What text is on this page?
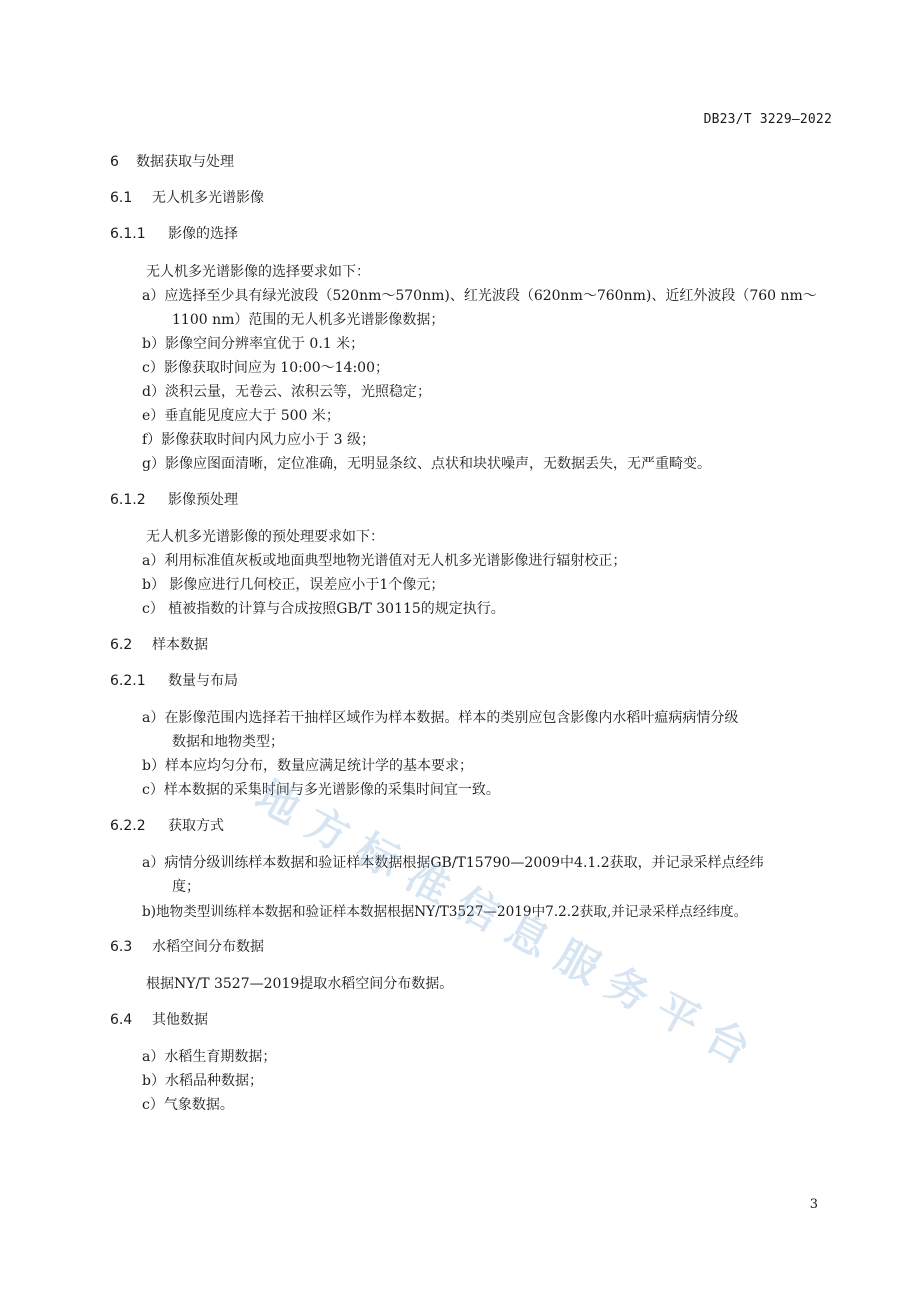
DB23/T 3229—2022
6 数据获取与处理
6.1 无人机多光谱影像
6.1.1 影像的选择
无人机多光谱影像的选择要求如下：
a）应选择至少具有绿光波段（520nm～570nm)、红光波段（620nm～760nm)、近红外波段（760 nm～
1100 nm）范围的无人机多光谱影像数据；
b）影像空间分辨率宜优于 0.1 米；
c）影像获取时间应为 10:00～14:00；
d）淡积云量，无卷云、浓积云等，光照稳定；
e）垂直能见度应大于 500 米；
f）影像获取时间内风力应小于 3 级；
g）影像应图面清晰，定位准确，无明显条纹、点状和块状噪声，无数据丢失，无严重畸变。
6.1.2 影像预处理
无人机多光谱影像的预处理要求如下：
a）利用标准值灰板或地面典型地物光谱值对无人机多光谱影像进行辐射校正；
b） 影像应进行几何校正，误差应小于1个像元；
c） 植被指数的计算与合成按照GB/T 30115的规定执行。
6.2 样本数据
6.2.1 数量与布局
a）在影像范围内选择若干抽样区域作为样本数据。样本的类别应包含影像内水稻叶瘟病病情分级
数据和地物类型；
b）样本应均匀分布，数量应满足统计学的基本要求；
c）样本数据的采集时间与多光谱影像的采集时间宜一致。
6.2.2 获取方式
a）病情分级训练样本数据和验证样本数据根据GB/T15790—2009中4.1.2获取，并记录采样点经纬
度；
b)地物类型训练样本数据和验证样本数据根据NY/T3527—2019中7.2.2获取,并记录采样点经纬度。
6.3 水稻空间分布数据
根据NY/T 3527—2019提取水稻空间分布数据。
6.4 其他数据
a）水稻生育期数据；
b）水稻品种数据；
c）气象数据。
3
地
方
标
准
信
息
服
务
平
台
